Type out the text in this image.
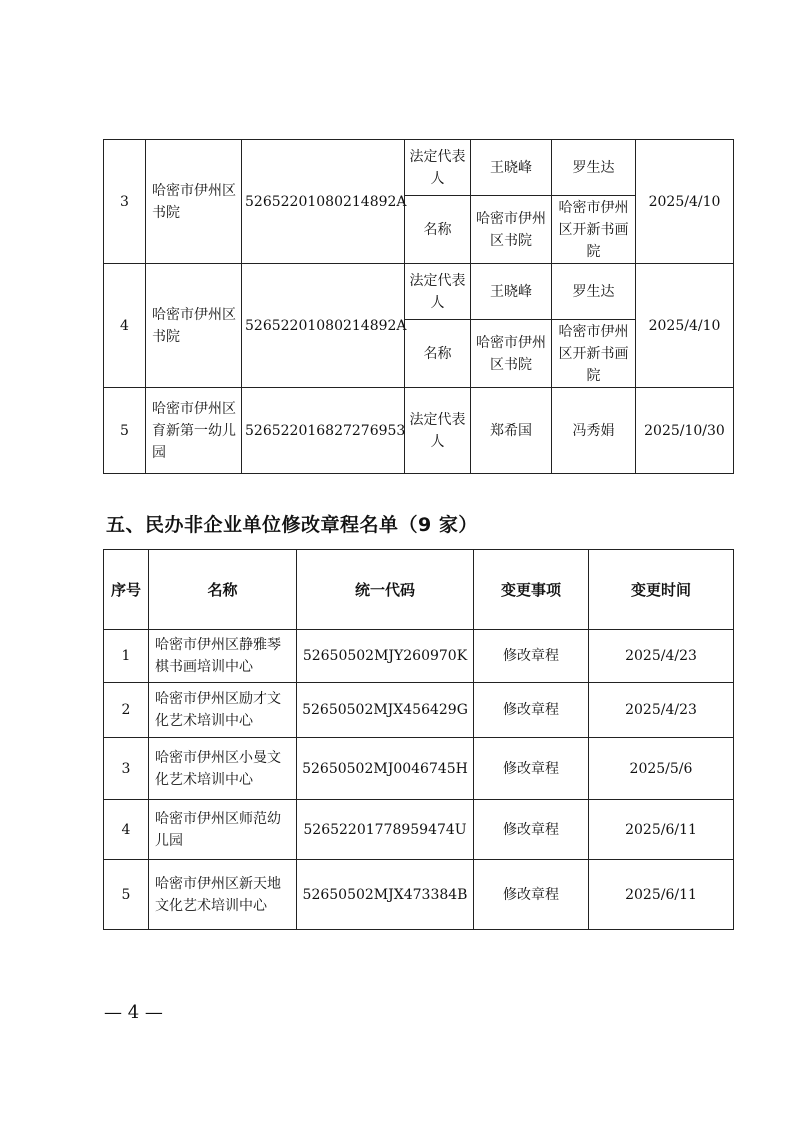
3	哈密市伊州区书院	52652201080214892A	法定代表人	王晓峰	罗生达	2025/4/10
			名称	哈密市伊州区书院	哈密市伊州区开新书画院	
4	哈密市伊州区书院	52652201080214892A	法定代表人	王晓峰	罗生达	2025/4/10
			名称	哈密市伊州区书院	哈密市伊州区开新书画院	
5	哈密市伊州区育新第一幼儿园	526522016827276953	法定代表人	郑希国	冯秀娟	2025/10/30
五、民办非企业单位修改章程名单（9 家）
序号	名称	统一代码	变更事项	变更时间
1	哈密市伊州区静雅琴棋书画培训中心	52650502MJY260970K	修改章程	2025/4/23
2	哈密市伊州区励才文化艺术培训中心	52650502MJX456429G	修改章程	2025/4/23
3	哈密市伊州区小曼文化艺术培训中心	52650502MJ0046745H	修改章程	2025/5/6
4	哈密市伊州区师范幼儿园	52652201778959474U	修改章程	2025/6/11
5	哈密市伊州区新天地文化艺术培训中心	52650502MJX473384B	修改章程	2025/6/11
— 4 —
